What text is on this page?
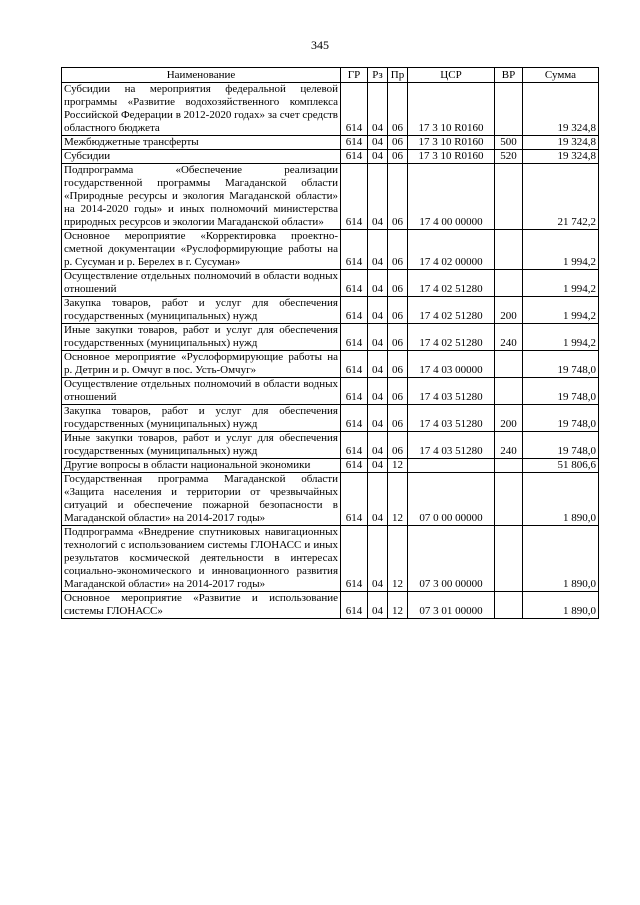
345
Наименование	ГР	Рз	Пр	ЦСР	ВР	Сумма
Субсидии на мероприятия федеральной целевой программы «Развитие водохозяйственного комплекса Российской Федерации в 2012-2020 годах» за счет средств областного бюджета	614	04	06	17 3 10 R0160		19 324,8
Межбюджетные трансферты	614	04	06	17 3 10 R0160	500	19 324,8
Субсидии	614	04	06	17 3 10 R0160	520	19 324,8
Подпрограмма «Обеспечение реализации государственной программы Магаданской области «Природные ресурсы и экология Магаданской области» на 2014-2020 годы» и иных полномочий министерства природных ресурсов и экологии Магаданской области»	614	04	06	17 4 00 00000		21 742,2
Основное мероприятие «Корректировка проектно-сметной документации «Руслоформирующие работы на р. Сусуман и р. Берелех в г. Сусуман»	614	04	06	17 4 02 00000		1 994,2
Осуществление отдельных полномочий в области водных отношений	614	04	06	17 4 02 51280		1 994,2
Закупка товаров, работ и услуг для обеспечения государственных (муниципальных) нужд	614	04	06	17 4 02 51280	200	1 994,2
Иные закупки товаров, работ и услуг для обеспечения государственных (муниципальных) нужд	614	04	06	17 4 02 51280	240	1 994,2
Основное мероприятие «Руслоформирующие работы на р. Детрин и р. Омчуг в пос. Усть-Омчуг»	614	04	06	17 4 03 00000		19 748,0
Осуществление отдельных полномочий в области водных отношений	614	04	06	17 4 03 51280		19 748,0
Закупка товаров, работ и услуг для обеспечения государственных (муниципальных) нужд	614	04	06	17 4 03 51280	200	19 748,0
Иные закупки товаров, работ и услуг для обеспечения государственных (муниципальных) нужд	614	04	06	17 4 03 51280	240	19 748,0
Другие вопросы в области национальной экономики	614	04	12			51 806,6
Государственная программа Магаданской области «Защита населения и территории от чрезвычайных ситуаций и обеспечение пожарной безопасности в Магаданской области» на 2014-2017 годы»	614	04	12	07 0 00 00000		1 890,0
Подпрограмма «Внедрение спутниковых навигационных технологий с использованием системы ГЛОНАСС и иных результатов космической деятельности в интересах социально-экономического и инновационного развития Магаданской области» на 2014-2017 годы»	614	04	12	07 3 00 00000		1 890,0
Основное мероприятие «Развитие и использование системы ГЛОНАСС»	614	04	12	07 3 01 00000		1 890,0
